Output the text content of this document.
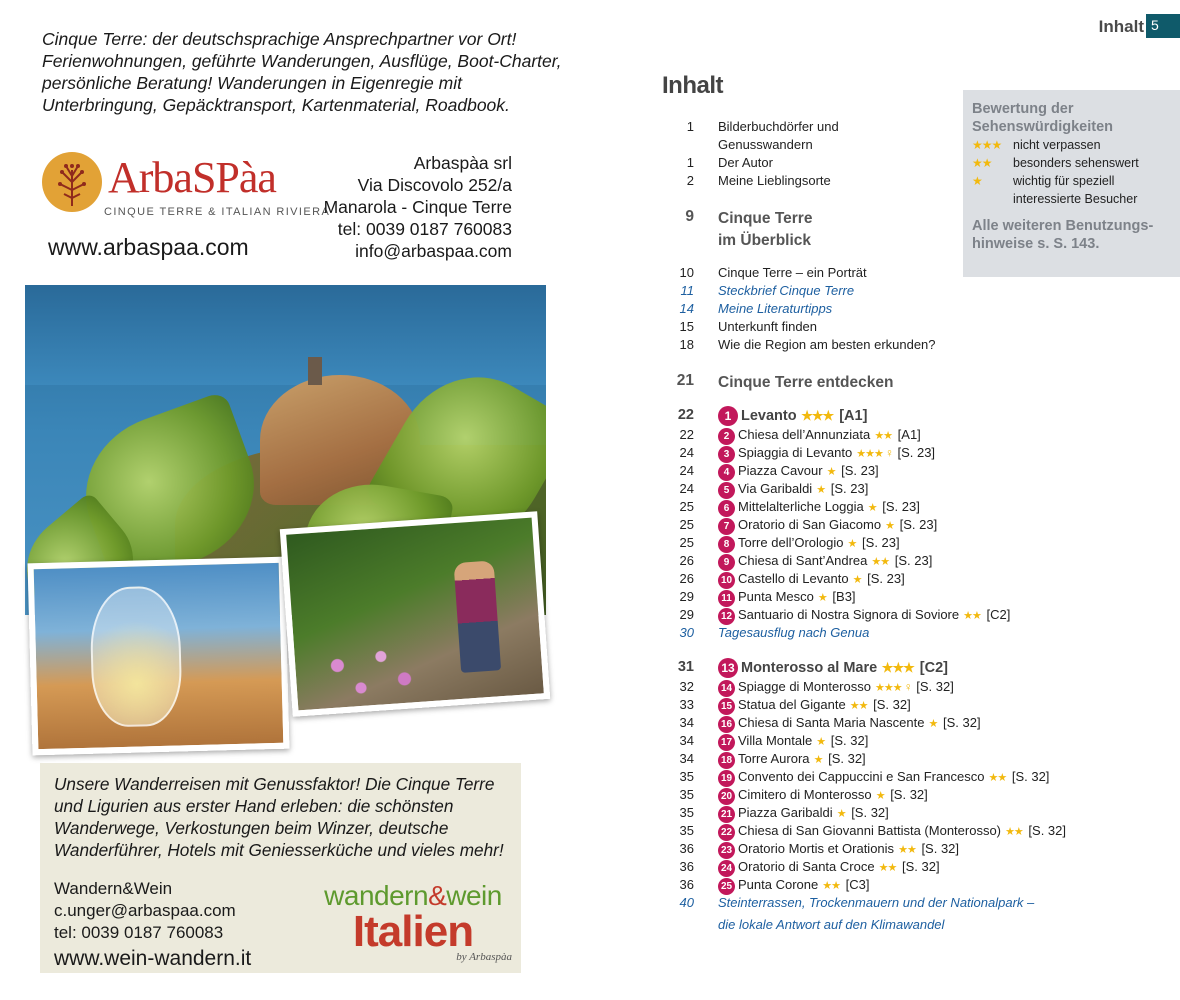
Cinque Terre: der deutschsprachige Ansprechpartner vor Ort! Ferienwohnungen, geführte Wanderungen, Ausflüge, Boot-Charter, persönliche Beratung! Wanderungen in Eigenregie mit Unterbringung, Gepäcktransport, Kartenmaterial, Roadbook.
ArbaSPàa
CINQUE TERRE & ITALIAN RIVIERA
www.arbaspaa.com
Arbaspàa srl
Via Discovolo 252/a
Manarola - Cinque Terre
tel: 0039 0187 760083
info@arbaspaa.com
Unsere Wanderreisen mit Genussfaktor! Die Cinque Terre und Ligurien aus erster Hand erleben: die schönsten Wanderwege, Verkostungen beim Winzer, deutsche Wanderführer, Hotels mit Geniesserküche und vieles mehr!
Wandern&Wein
c.unger@arbaspaa.com
tel: 0039 0187 760083
www.wein-wandern.it
wandern&wein
Italien
by Arbaspàa
Inhalt 5
Inhalt
Bewertung der Sehenswürdigkeiten
★★★ nicht verpassen
★★ besonders sehenswert
★ wichtig für speziell
interessierte Besucher
Alle weiteren Benutzungshinweise s. S. 143.
1 Bilderbuchdörfer und
Genusswandern
1 Der Autor
2 Meine Lieblingsorte
9 Cinque Terre
im Überblick
10 Cinque Terre – ein Porträt
11 Steckbrief Cinque Terre
14 Meine Literaturtipps
15 Unterkunft finden
18 Wie die Region am besten erkunden?
21 Cinque Terre entdecken
22	1 Levanto ★★★ [A1]
22	2 Chiesa dell’Annunziata ★★ [A1]
24	3 Spiaggia di Levanto ★★★ ♀ [S. 23]
24	4 Piazza Cavour ★ [S. 23]
24	5 Via Garibaldi ★ [S. 23]
25	6 Mittelalterliche Loggia ★ [S. 23]
25	7 Oratorio di San Giacomo ★ [S. 23]
25	8 Torre dell’Orologio ★ [S. 23]
26	9 Chiesa di Sant’Andrea ★★ [S. 23]
26	10 Castello di Levanto ★ [S. 23]
29	11 Punta Mesco ★ [B3]
29	12 Santuario di Nostra Signora di Soviore ★★ [C2]
30 Tagesausflug nach Genua
31 13 Monterosso al Mare ★★★ [C2]
32	14 Spiagge di Monterosso ★★★ ♀ [S. 32]
33	15 Statua del Gigante ★★ [S. 32]
34	16 Chiesa di Santa Maria Nascente ★ [S. 32]
34	17 Villa Montale ★ [S. 32]
34	18 Torre Aurora ★ [S. 32]
35	19 Convento dei Cappuccini e San Francesco ★★ [S. 32]
35	20 Cimitero di Monterosso ★ [S. 32]
35	21 Piazza Garibaldi ★ [S. 32]
35	22 Chiesa di San Giovanni Battista (Monterosso) ★★ [S. 32]
36	23 Oratorio Mortis et Orationis ★★ [S. 32]
36	24 Oratorio di Santa Croce ★★ [S. 32]
36	25 Punta Corone ★★ [C3]
40 Steinterrassen, Trockenmauern und der Nationalpark –
die lokale Antwort auf den Klimawandel
